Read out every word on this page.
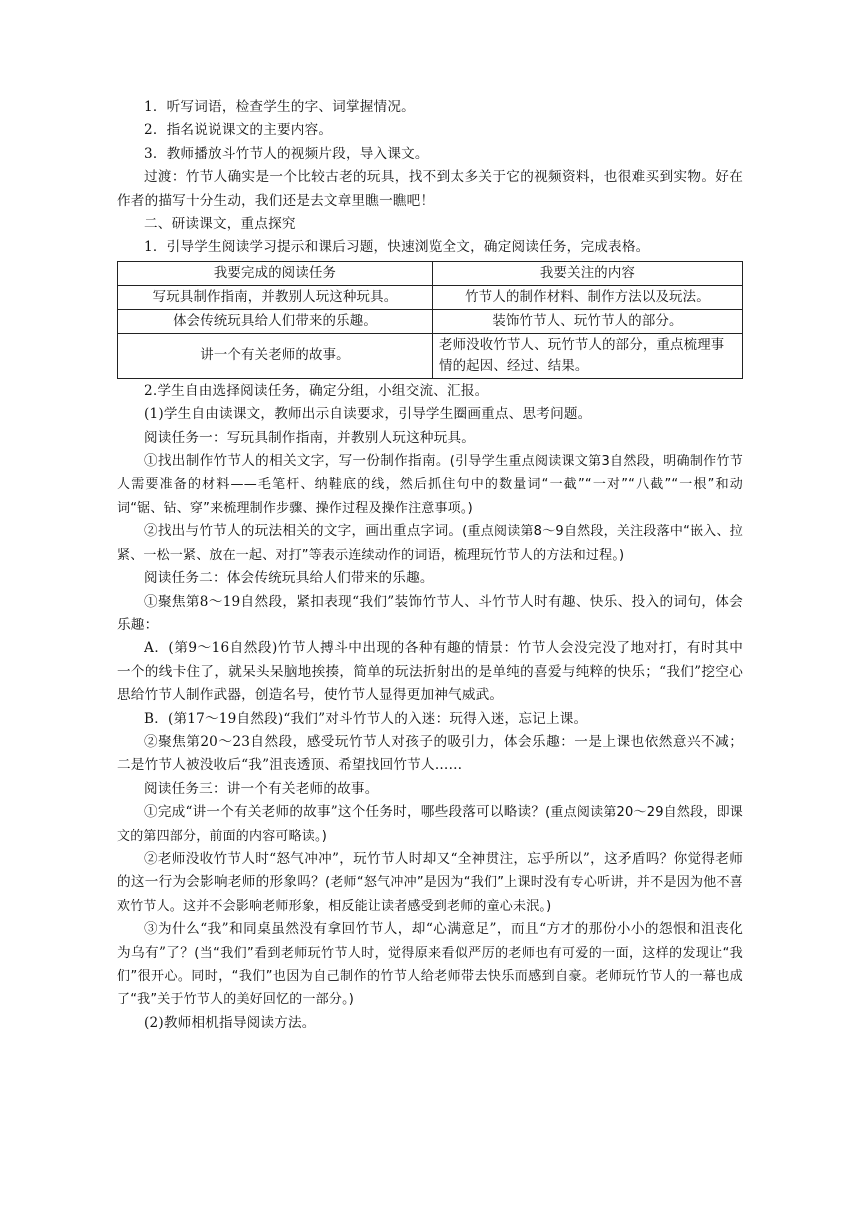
1．听写词语，检查学生的字、词掌握情况。

2．指名说说课文的主要内容。

3．教师播放斗竹节人的视频片段，导入课文。

过渡：竹节人确实是一个比较古老的玩具，找不到太多关于它的视频资料，也很难买到实物。好在作者的描写十分生动，我们还是去文章里瞧一瞧吧！

二、研读课文，重点探究

1．引导学生阅读学习提示和课后习题，快速浏览全文，确定阅读任务，完成表格。

我要完成的阅读任务	我要关注的内容
写玩具制作指南，并教别人玩这种玩具。	竹节人的制作材料、制作方法以及玩法。
体会传统玩具给人们带来的乐趣。	装饰竹节人、玩竹节人的部分。
讲一个有关老师的故事。	老师没收竹节人、玩竹节人的部分，重点梳理事情的起因、经过、结果。

2.学生自由选择阅读任务，确定分组，小组交流、汇报。

(1)学生自由读课文，教师出示自读要求，引导学生圈画重点、思考问题。

阅读任务一：写玩具制作指南，并教别人玩这种玩具。

①找出制作竹节人的相关文字，写一份制作指南。(引导学生重点阅读课文第3自然段，明确制作竹节人需要准备的材料——毛笔杆、纳鞋底的线，然后抓住句中的数量词“一截”“一对”“八截”“一根”和动词“锯、钻、穿”来梳理制作步骤、操作过程及操作注意事项。)

②找出与竹节人的玩法相关的文字，画出重点字词。(重点阅读第8～9自然段，关注段落中“嵌入、拉紧、一松一紧、放在一起、对打”等表示连续动作的词语，梳理玩竹节人的方法和过程。)

阅读任务二：体会传统玩具给人们带来的乐趣。

①聚焦第8～19自然段，紧扣表现“我们”装饰竹节人、斗竹节人时有趣、快乐、投入的词句，体会乐趣：

A．(第9～16自然段)竹节人搏斗中出现的各种有趣的情景：竹节人会没完没了地对打，有时其中一个的线卡住了，就呆头呆脑地挨揍，简单的玩法折射出的是单纯的喜爱与纯粹的快乐；“我们”挖空心思给竹节人制作武器，创造名号，使竹节人显得更加神气威武。

B．(第17～19自然段)“我们”对斗竹节人的入迷：玩得入迷，忘记上课。

②聚焦第20～23自然段，感受玩竹节人对孩子的吸引力，体会乐趣：一是上课也依然意兴不减；二是竹节人被没收后“我”沮丧透顶、希望找回竹节人……

阅读任务三：讲一个有关老师的故事。

①完成“讲一个有关老师的故事”这个任务时，哪些段落可以略读？(重点阅读第20～29自然段，即课文的第四部分，前面的内容可略读。)

②老师没收竹节人时“怒气冲冲”，玩竹节人时却又“全神贯注，忘乎所以”，这矛盾吗？你觉得老师的这一行为会影响老师的形象吗？(老师“怒气冲冲”是因为“我们”上课时没有专心听讲，并不是因为他不喜欢竹节人。这并不会影响老师形象，相反能让读者感受到老师的童心未泯。)

③为什么“我”和同桌虽然没有拿回竹节人，却“心满意足”，而且“方才的那份小小的怨恨和沮丧化为乌有”了？(当“我们”看到老师玩竹节人时，觉得原来看似严厉的老师也有可爱的一面，这样的发现让“我们”很开心。同时，“我们”也因为自己制作的竹节人给老师带去快乐而感到自豪。老师玩竹节人的一幕也成了“我”关于竹节人的美好回忆的一部分。)

(2)教师相机指导阅读方法。
